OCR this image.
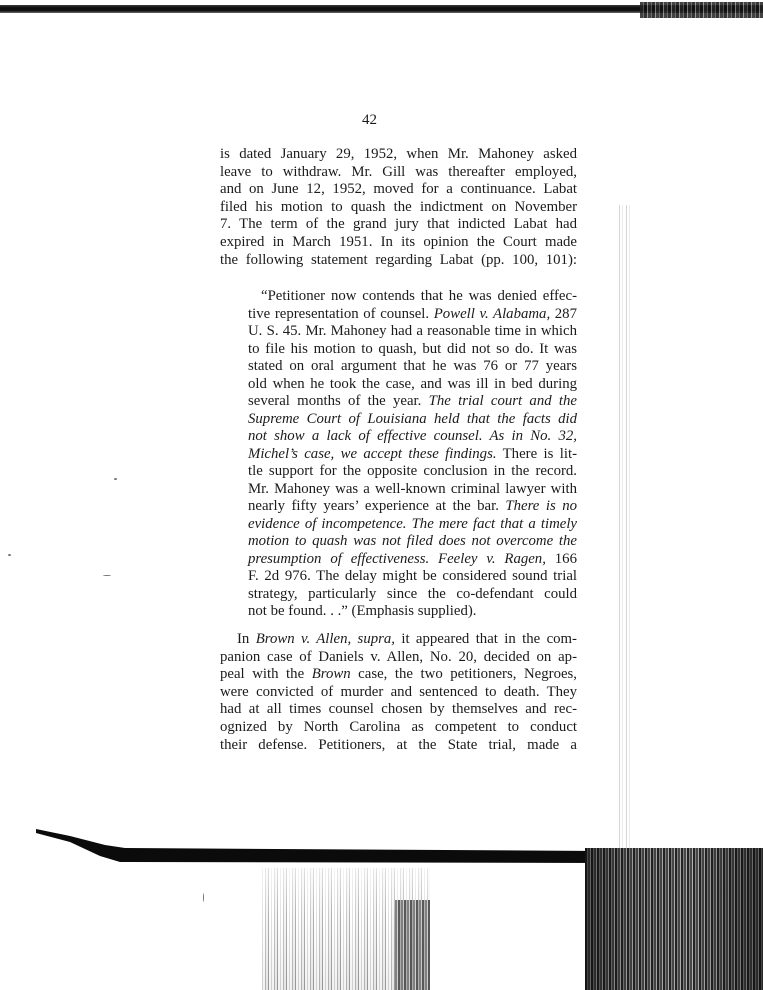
42
is dated January 29, 1952, when Mr. Mahoney asked
leave to withdraw. Mr. Gill was thereafter employed,
and on June 12, 1952, moved for a continuance. Labat
filed his motion to quash the indictment on November
7. The term of the grand jury that indicted Labat had
expired in March 1951. In its opinion the Court made
the following statement regarding Labat (pp. 100, 101):
“Petitioner now contends that he was denied effec-
tive representation of counsel. Powell v. Alabama, 287
U. S. 45. Mr. Mahoney had a reasonable time in which
to file his motion to quash, but did not so do. It was
stated on oral argument that he was 76 or 77 years
old when he took the case, and was ill in bed during
several months of the year. The trial court and the
Supreme Court of Louisiana held that the facts did
not show a lack of effective counsel. As in No. 32,
Michel’s case, we accept these findings. There is lit-
tle support for the opposite conclusion in the record.
Mr. Mahoney was a well-known criminal lawyer with
nearly fifty years’ experience at the bar. There is no
evidence of incompetence. The mere fact that a timely
motion to quash was not filed does not overcome the
presumption of effectiveness. Feeley v. Ragen, 166
F. 2d 976. The delay might be considered sound trial
strategy, particularly since the co-defendant could
not be found. . .” (Emphasis supplied).
In Brown v. Allen, supra, it appeared that in the com-
panion case of Daniels v. Allen, No. 20, decided on ap-
peal with the Brown case, the two petitioners, Negroes,
were convicted of murder and sentenced to death. They
had at all times counsel chosen by themselves and rec-
ognized by North Carolina as competent to conduct
their defense. Petitioners, at the State trial, made a
